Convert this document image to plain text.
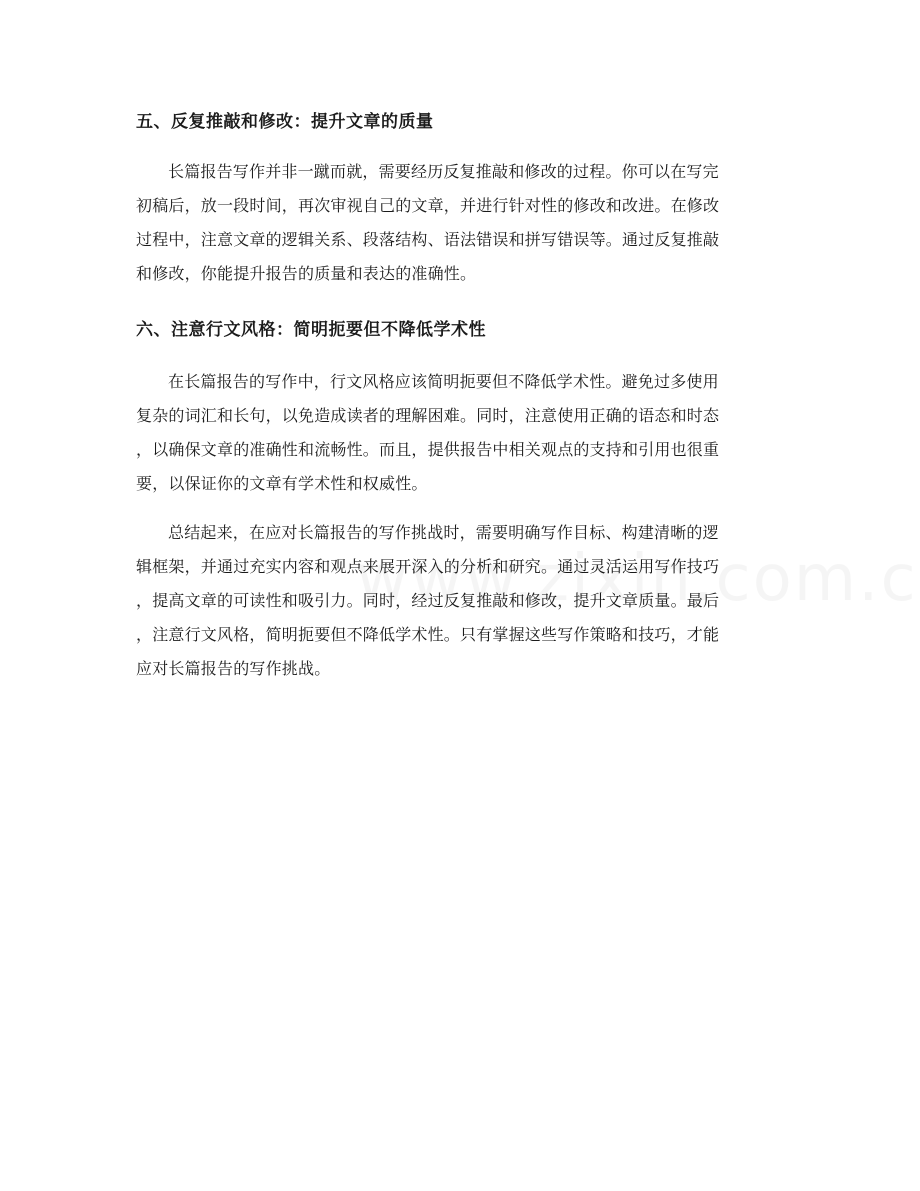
五、反复推敲和修改：提升文章的质量
长篇报告写作并非一蹴而就，需要经历反复推敲和修改的过程。你可以在写完
初稿后，放一段时间，再次审视自己的文章，并进行针对性的修改和改进。在修改
过程中，注意文章的逻辑关系、段落结构、语法错误和拼写错误等。通过反复推敲
和修改，你能提升报告的质量和表达的准确性。
六、注意行文风格：简明扼要但不降低学术性
在长篇报告的写作中，行文风格应该简明扼要但不降低学术性。避免过多使用
复杂的词汇和长句，以免造成读者的理解困难。同时，注意使用正确的语态和时态
，以确保文章的准确性和流畅性。而且，提供报告中相关观点的支持和引用也很重
要，以保证你的文章有学术性和权威性。
总结起来，在应对长篇报告的写作挑战时，需要明确写作目标、构建清晰的逻
辑框架，并通过充实内容和观点来展开深入的分析和研究。通过灵活运用写作技巧
，提高文章的可读性和吸引力。同时，经过反复推敲和修改，提升文章质量。最后
，注意行文风格，简明扼要但不降低学术性。只有掌握这些写作策略和技巧，才能
应对长篇报告的写作挑战。
